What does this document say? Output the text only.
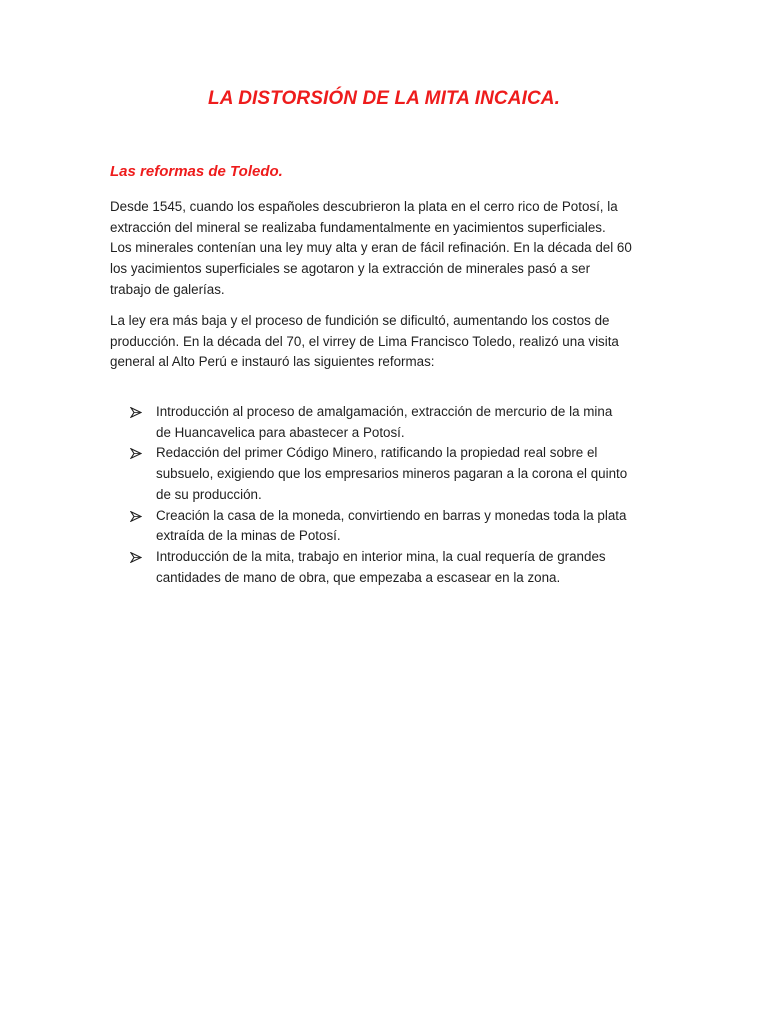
LA DISTORSIÓN DE LA MITA INCAICA.
Las reformas de Toledo.

Desde 1545, cuando los españoles descubrieron la plata en el cerro rico de Potosí, la
extracción del mineral se realizaba fundamentalmente en yacimientos superficiales.
Los minerales contenían una ley muy alta y eran de fácil refinación. En la década del 60
los yacimientos superficiales se agotaron y la extracción de minerales pasó a ser
trabajo de galerías.

La ley era más baja y el proceso de fundición se dificultó, aumentando los costos de
producción. En la década del 70, el virrey de Lima Francisco Toledo, realizó una visita
general al Alto Perú e instauró las siguientes reformas:

Introducción al proceso de amalgamación, extracción de mercurio de la mina
de Huancavelica para abastecer a Potosí.
Redacción del primer Código Minero, ratificando la propiedad real sobre el
subsuelo, exigiendo que los empresarios mineros pagaran a la corona el quinto
de su producción.
Creación la casa de la moneda, convirtiendo en barras y monedas toda la plata
extraída de la minas de Potosí.
Introducción de la mita, trabajo en interior mina, la cual requería de grandes
cantidades de mano de obra, que empezaba a escasear en la zona.
